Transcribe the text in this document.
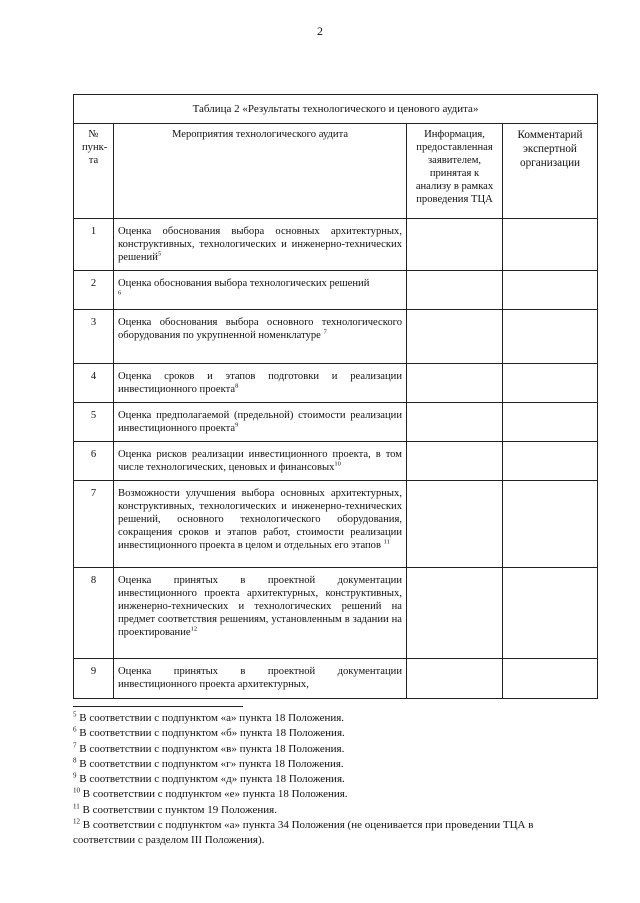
2
Таблица 2 «Результаты технологического и ценового аудита»			
№ пунк-та	Мероприятия технологического аудита	Информация, предоставленная заявителем, принятая к анализу в рамках проведения ТЦА	Комментарий экспертной организации
1	Оценка обоснования выбора основных архитектурных, конструктивных, технологических и инженерно-технических решений$^5$		
2	Оценка обоснования выбора технологических решений
$^6$		
3	Оценка обоснования выбора основного технологического оборудования по укрупненной номенклатуре $^7$		
4	Оценка сроков и этапов подготовки и реализации инвестиционного проекта$^8$		
5	Оценка предполагаемой (предельной) стоимости реализации инвестиционного проекта$^9$		
6	Оценка рисков реализации инвестиционного проекта, в том числе технологических, ценовых и финансовых$^{10}$		
7	Возможности улучшения выбора основных архитектурных, конструктивных, технологических и инженерно-технических решений, основного технологического оборудования, сокращения сроков и этапов работ, стоимости реализации инвестиционного проекта в целом и отдельных его этапов $^{11}$		
8	Оценка принятых в проектной документации инвестиционного проекта архитектурных, конструктивных, инженерно-технических и технологических решений на предмет соответствия решениям, установленным в задании на проектирование$^{12}$		
9	Оценка принятых в проектной документации инвестиционного проекта архитектурных,		

$^5$ В соответствии с подпунктом «а» пункта 18 Положения.

$^6$ В соответствии с подпунктом «б» пункта 18 Положения.

$^7$ В соответствии с подпунктом «в» пункта 18 Положения.

$^8$ В соответствии с подпунктом «г» пункта 18 Положения.

$^9$ В соответствии с подпунктом «д» пункта 18 Положения.

$^{10}$ В соответствии с подпунктом «е» пункта 18 Положения.

$^{11}$ В соответствии с пунктом 19 Положения.

$^{12}$ В соответствии с подпунктом «а» пункта 34 Положения (не оценивается при проведении ТЦА в соответствии с разделом III Положения).
